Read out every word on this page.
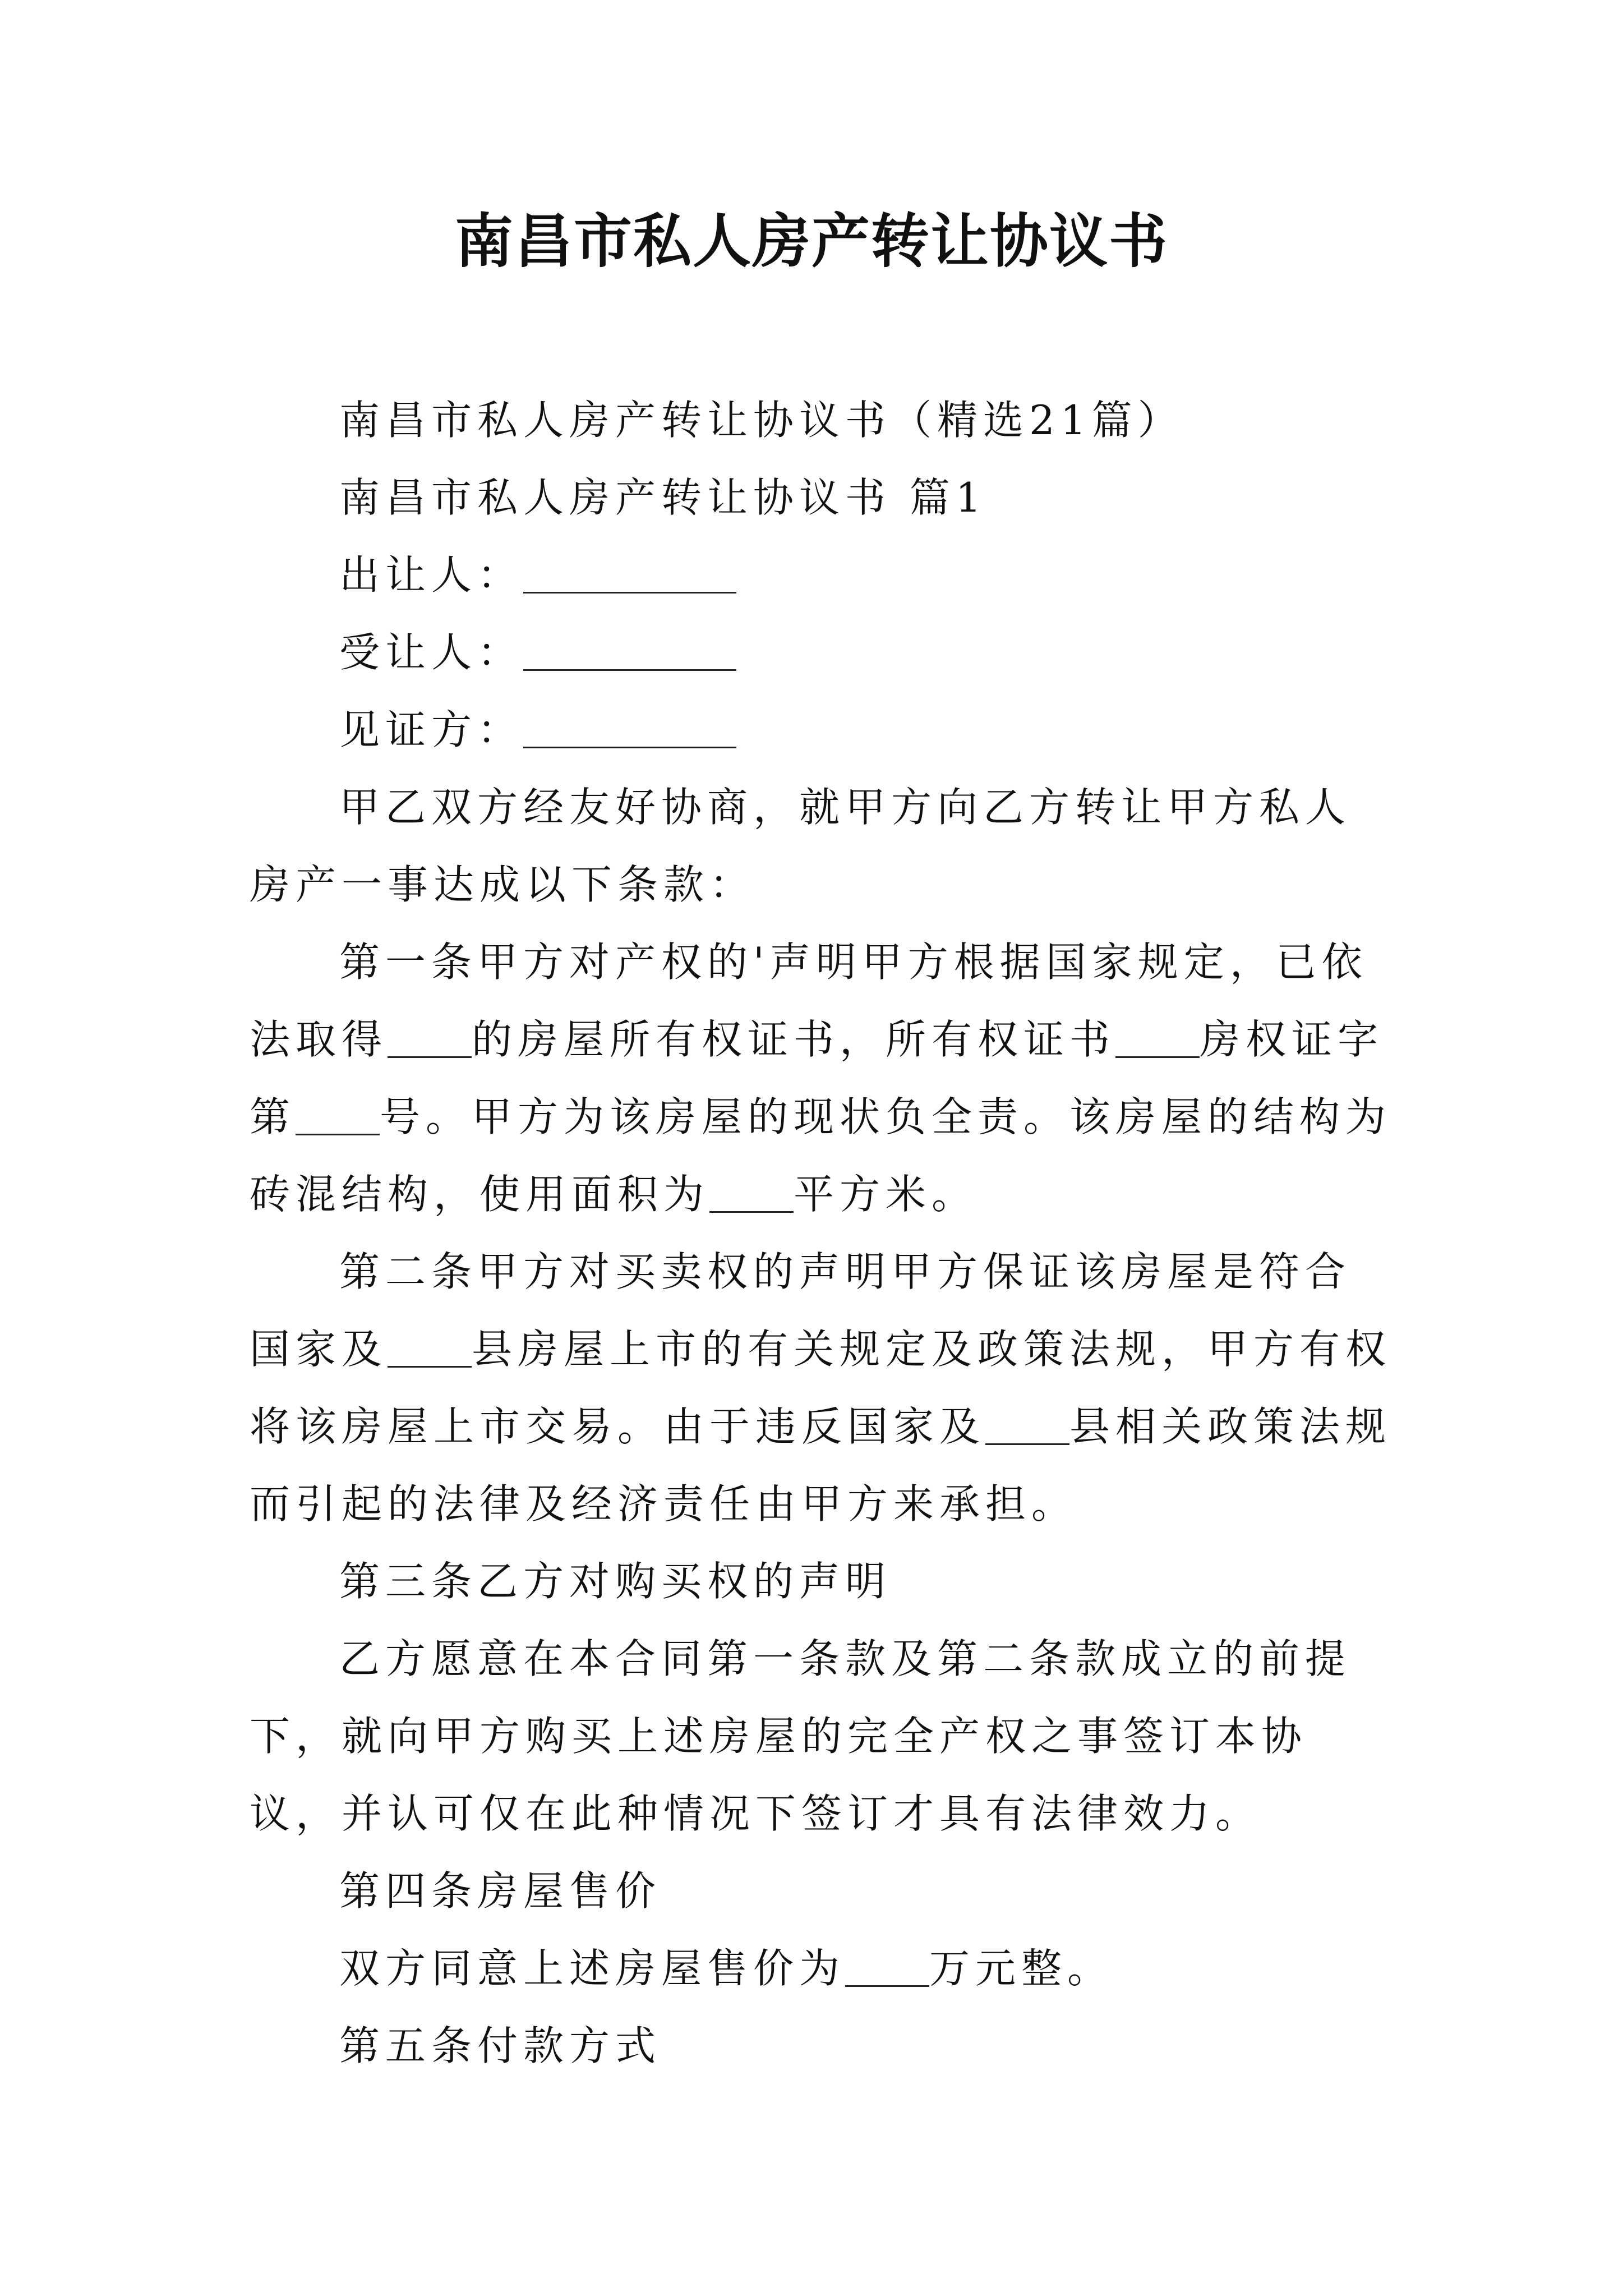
南昌市私人房产转让协议书

南昌市私人房产转让协议书（精选21篇）

南昌市私人房产转让协议书 篇1

出让人：

受让人：

见证方：

甲乙双方经友好协商，就甲方向乙方转让甲方私人房产一事达成以下条款：

第一条甲方对产权的'声明甲方根据国家规定，已依法取得 的房屋所有权证书，所有权证书 房权证字第 号。甲方为该房屋的现状负全责。该房屋的结构为砖混结构，使用面积为 平方米。

第二条甲方对买卖权的声明甲方保证该房屋是符合国家及 县房屋上市的有关规定及政策法规，甲方有权将该房屋上市交易。由于违反国家及 县相关政策法规而引起的法律及经济责任由甲方来承担。

第三条乙方对购买权的声明

乙方愿意在本合同第一条款及第二条款成立的前提下，就向甲方购买上述房屋的完全产权之事签订本协议，并认可仅在此种情况下签订才具有法律效力。

第四条房屋售价

双方同意上述房屋售价为 万元整。

第五条付款方式
